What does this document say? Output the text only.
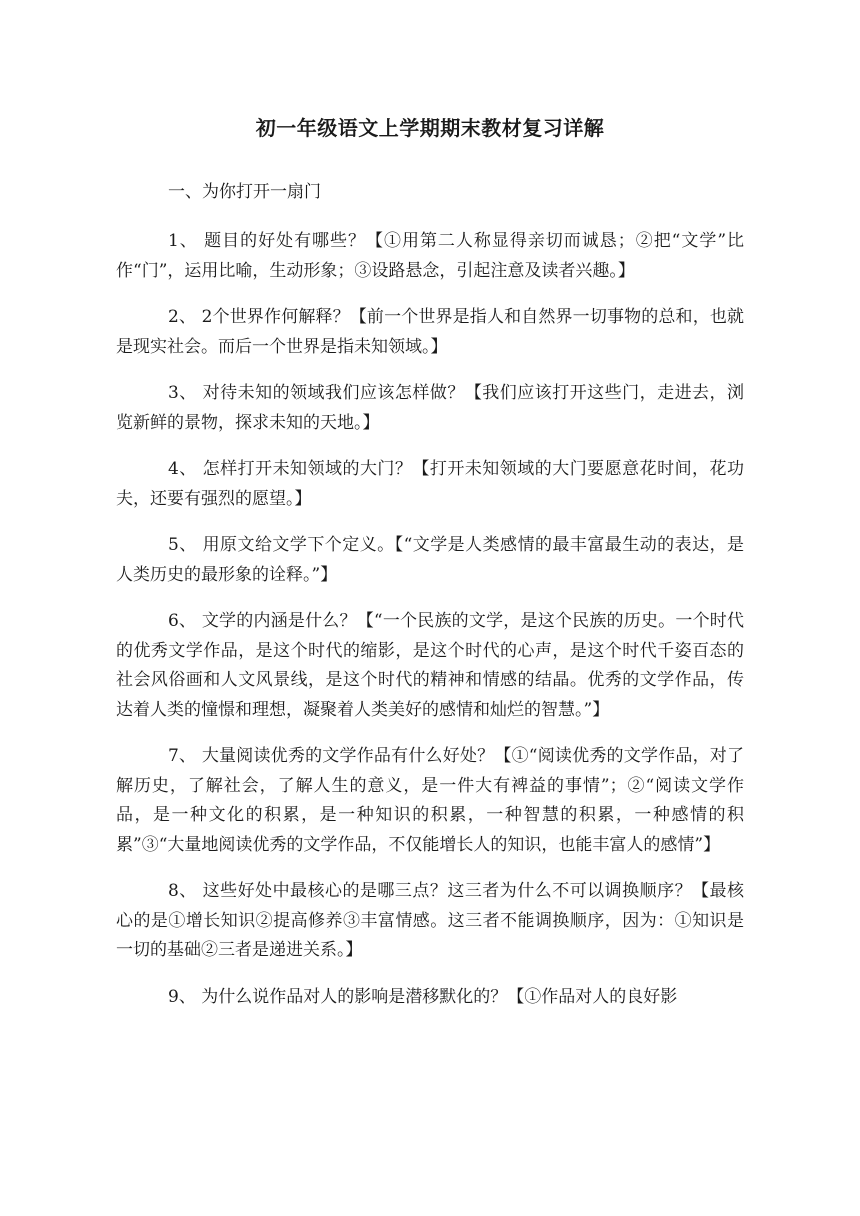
初一年级语文上学期期末教材复习详解
一、为你打开一扇门

1、 题目的好处有哪些？【①用第二人称显得亲切而诚恳；②把“文学”比作“门”，运用比喻，生动形象；③设路悬念，引起注意及读者兴趣。】

2、 2个世界作何解释？【前一个世界是指人和自然界一切事物的总和，也就是现实社会。而后一个世界是指未知领域。】

3、 对待未知的领域我们应该怎样做？【我们应该打开这些门，走进去，浏览新鲜的景物，探求未知的天地。】

4、 怎样打开未知领域的大门？【打开未知领域的大门要愿意花时间，花功夫，还要有强烈的愿望。】

5、 用原文给文学下个定义。【“文学是人类感情的最丰富最生动的表达，是人类历史的最形象的诠释。”】

6、 文学的内涵是什么？【“一个民族的文学，是这个民族的历史。一个时代的优秀文学作品，是这个时代的缩影，是这个时代的心声，是这个时代千姿百态的社会风俗画和人文风景线，是这个时代的精神和情感的结晶。优秀的文学作品，传达着人类的憧憬和理想，凝聚着人类美好的感情和灿烂的智慧。”】

7、 大量阅读优秀的文学作品有什么好处？【①“阅读优秀的文学作品，对了解历史，了解社会，了解人生的意义，是一件大有裨益的事情”；②“阅读文学作品，是一种文化的积累，是一种知识的积累，一种智慧的积累，一种感情的积累”③“大量地阅读优秀的文学作品，不仅能增长人的知识，也能丰富人的感情”】

8、 这些好处中最核心的是哪三点？这三者为什么不可以调换顺序？【最核心的是①增长知识②提高修养③丰富情感。这三者不能调换顺序，因为：①知识是一切的基础②三者是递进关系。】

9、 为什么说作品对人的影响是潜移默化的？【①作品对人的良好影
